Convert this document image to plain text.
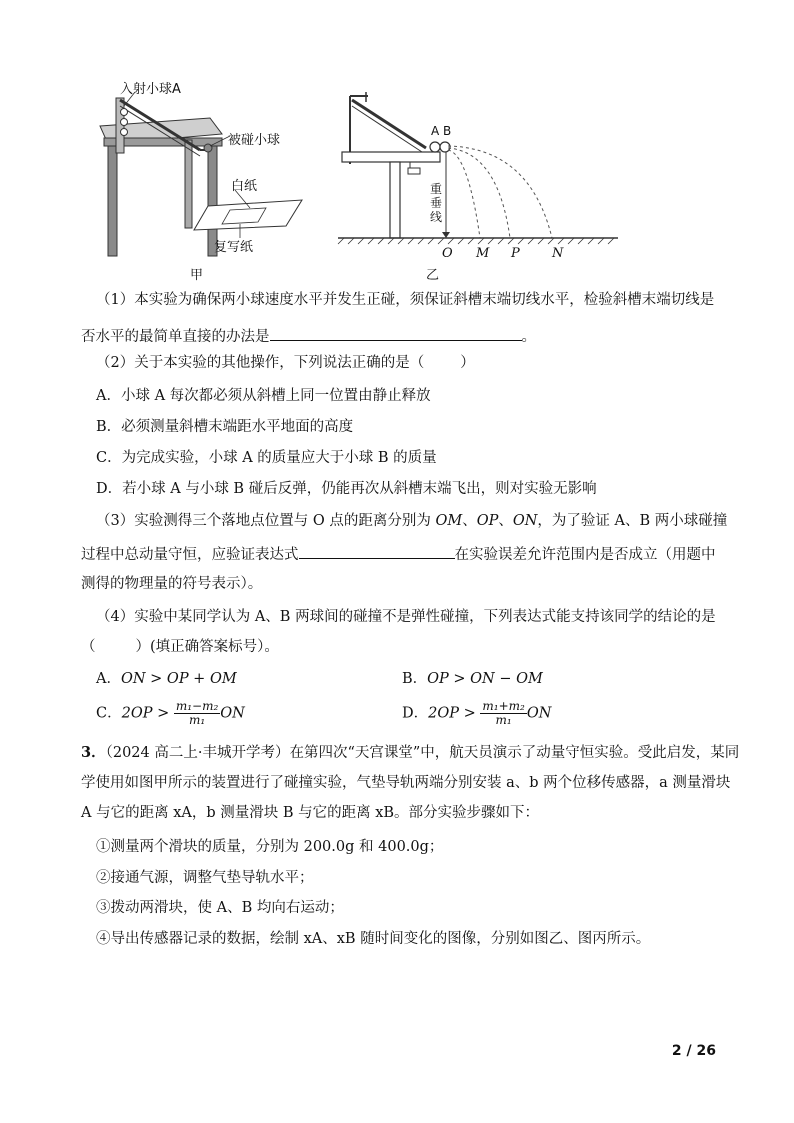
入射小球A
被碰小球
白纸
复写纸
甲
A B
重
垂
线
O M P N
乙
（1）本实验为确保两小球速度水平并发生正碰，须保证斜槽末端切线水平，检验斜槽末端切线是
否水平的最简单直接的办法是	。
（2）关于本实验的其他操作，下列说法正确的是（ ）
A．小球 A 每次都必须从斜槽上同一位置由静止释放
B．必须测量斜槽末端距水平地面的高度
C．为完成实验，小球 A 的质量应大于小球 B 的质量
D．若小球 A 与小球 B 碰后反弹，仍能再次从斜槽末端飞出，则对实验无影响
（3）实验测得三个落地点位置与 O 点的距离分别为 OM、OP、ON，为了验证 A、B 两小球碰撞
过程中总动量守恒，应验证表达式	在实验误差允许范围内是否成立（用题中
测得的物理量的符号表示）。
（4）实验中某同学认为 A、B 两球间的碰撞不是弹性碰撞，下列表达式能支持该同学的结论的是
（	）(填正确答案标号）。
A．ON > OP + OM	B．OP > ON − OM
C．$2OP > \frac{\text{m₁−m₂}}{\text{m₁}}$ ON	D．$2OP > \frac{\text{m₁+m₂}}{\text{m₁}}$ ON
3．（2024 高二上·丰城开学考）在第四次“天宫课堂”中，航天员演示了动量守恒实验。受此启发，某同
学使用如图甲所示的装置进行了碰撞实验，气垫导轨两端分别安装 a、b 两个位移传感器，a 测量滑块
A 与它的距离 xA，b 测量滑块 B 与它的距离 xB。部分实验步骤如下：
①测量两个滑块的质量，分别为 200.0g 和 400.0g；
②接通气源，调整气垫导轨水平；
③拨动两滑块，使 A、B 均向右运动；
④导出传感器记录的数据，绘制 xA、xB 随时间变化的图像，分别如图乙、图丙所示。
2 / 26
